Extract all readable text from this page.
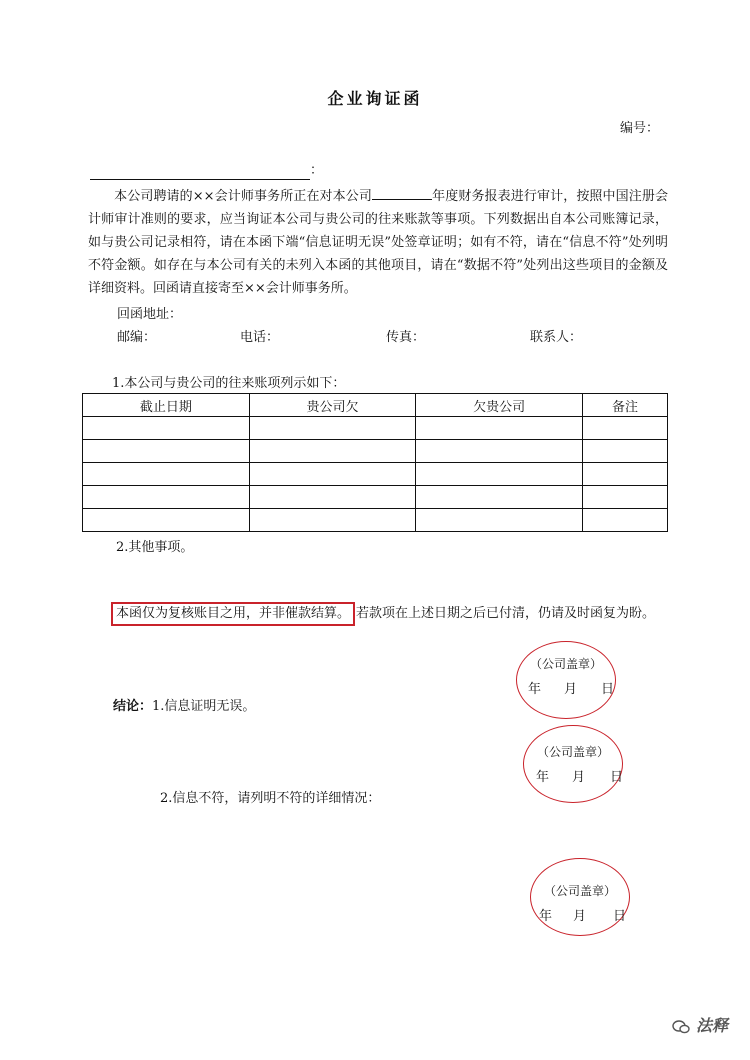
企业询证函
编号：
：
本公司聘请的××会计师事务所正在对本公司	年度财务报表进行审计，按照中国注册会计师审计准则的要求，应当询证本公司与贵公司的往来账款等事项。下列数据出自本公司账簿记录，如与贵公司记录相符，请在本函下端“信息证明无误”处签章证明；如有不符，请在“信息不符”处列明不符金额。如存在与本公司有关的未列入本函的其他项目，请在“数据不符”处列出这些项目的金额及详细资料。回函请直接寄至××会计师事务所。
回函地址：
邮编：	电话：	传真：	联系人：
1.本公司与贵公司的往来账项列示如下：
截止日期	贵公司欠	欠贵公司	备注

2.其他事项。
本函仅为复核账目之用，并非催款结算。 若款项在上述日期之后已付清，仍请及时函复为盼。
（公司盖章）
年 月 日
结论：1.信息证明无误。
（公司盖章）
年 月 日
2.信息不符，请列明不符的详细情况：
（公司盖章）
年 月 日
法释
